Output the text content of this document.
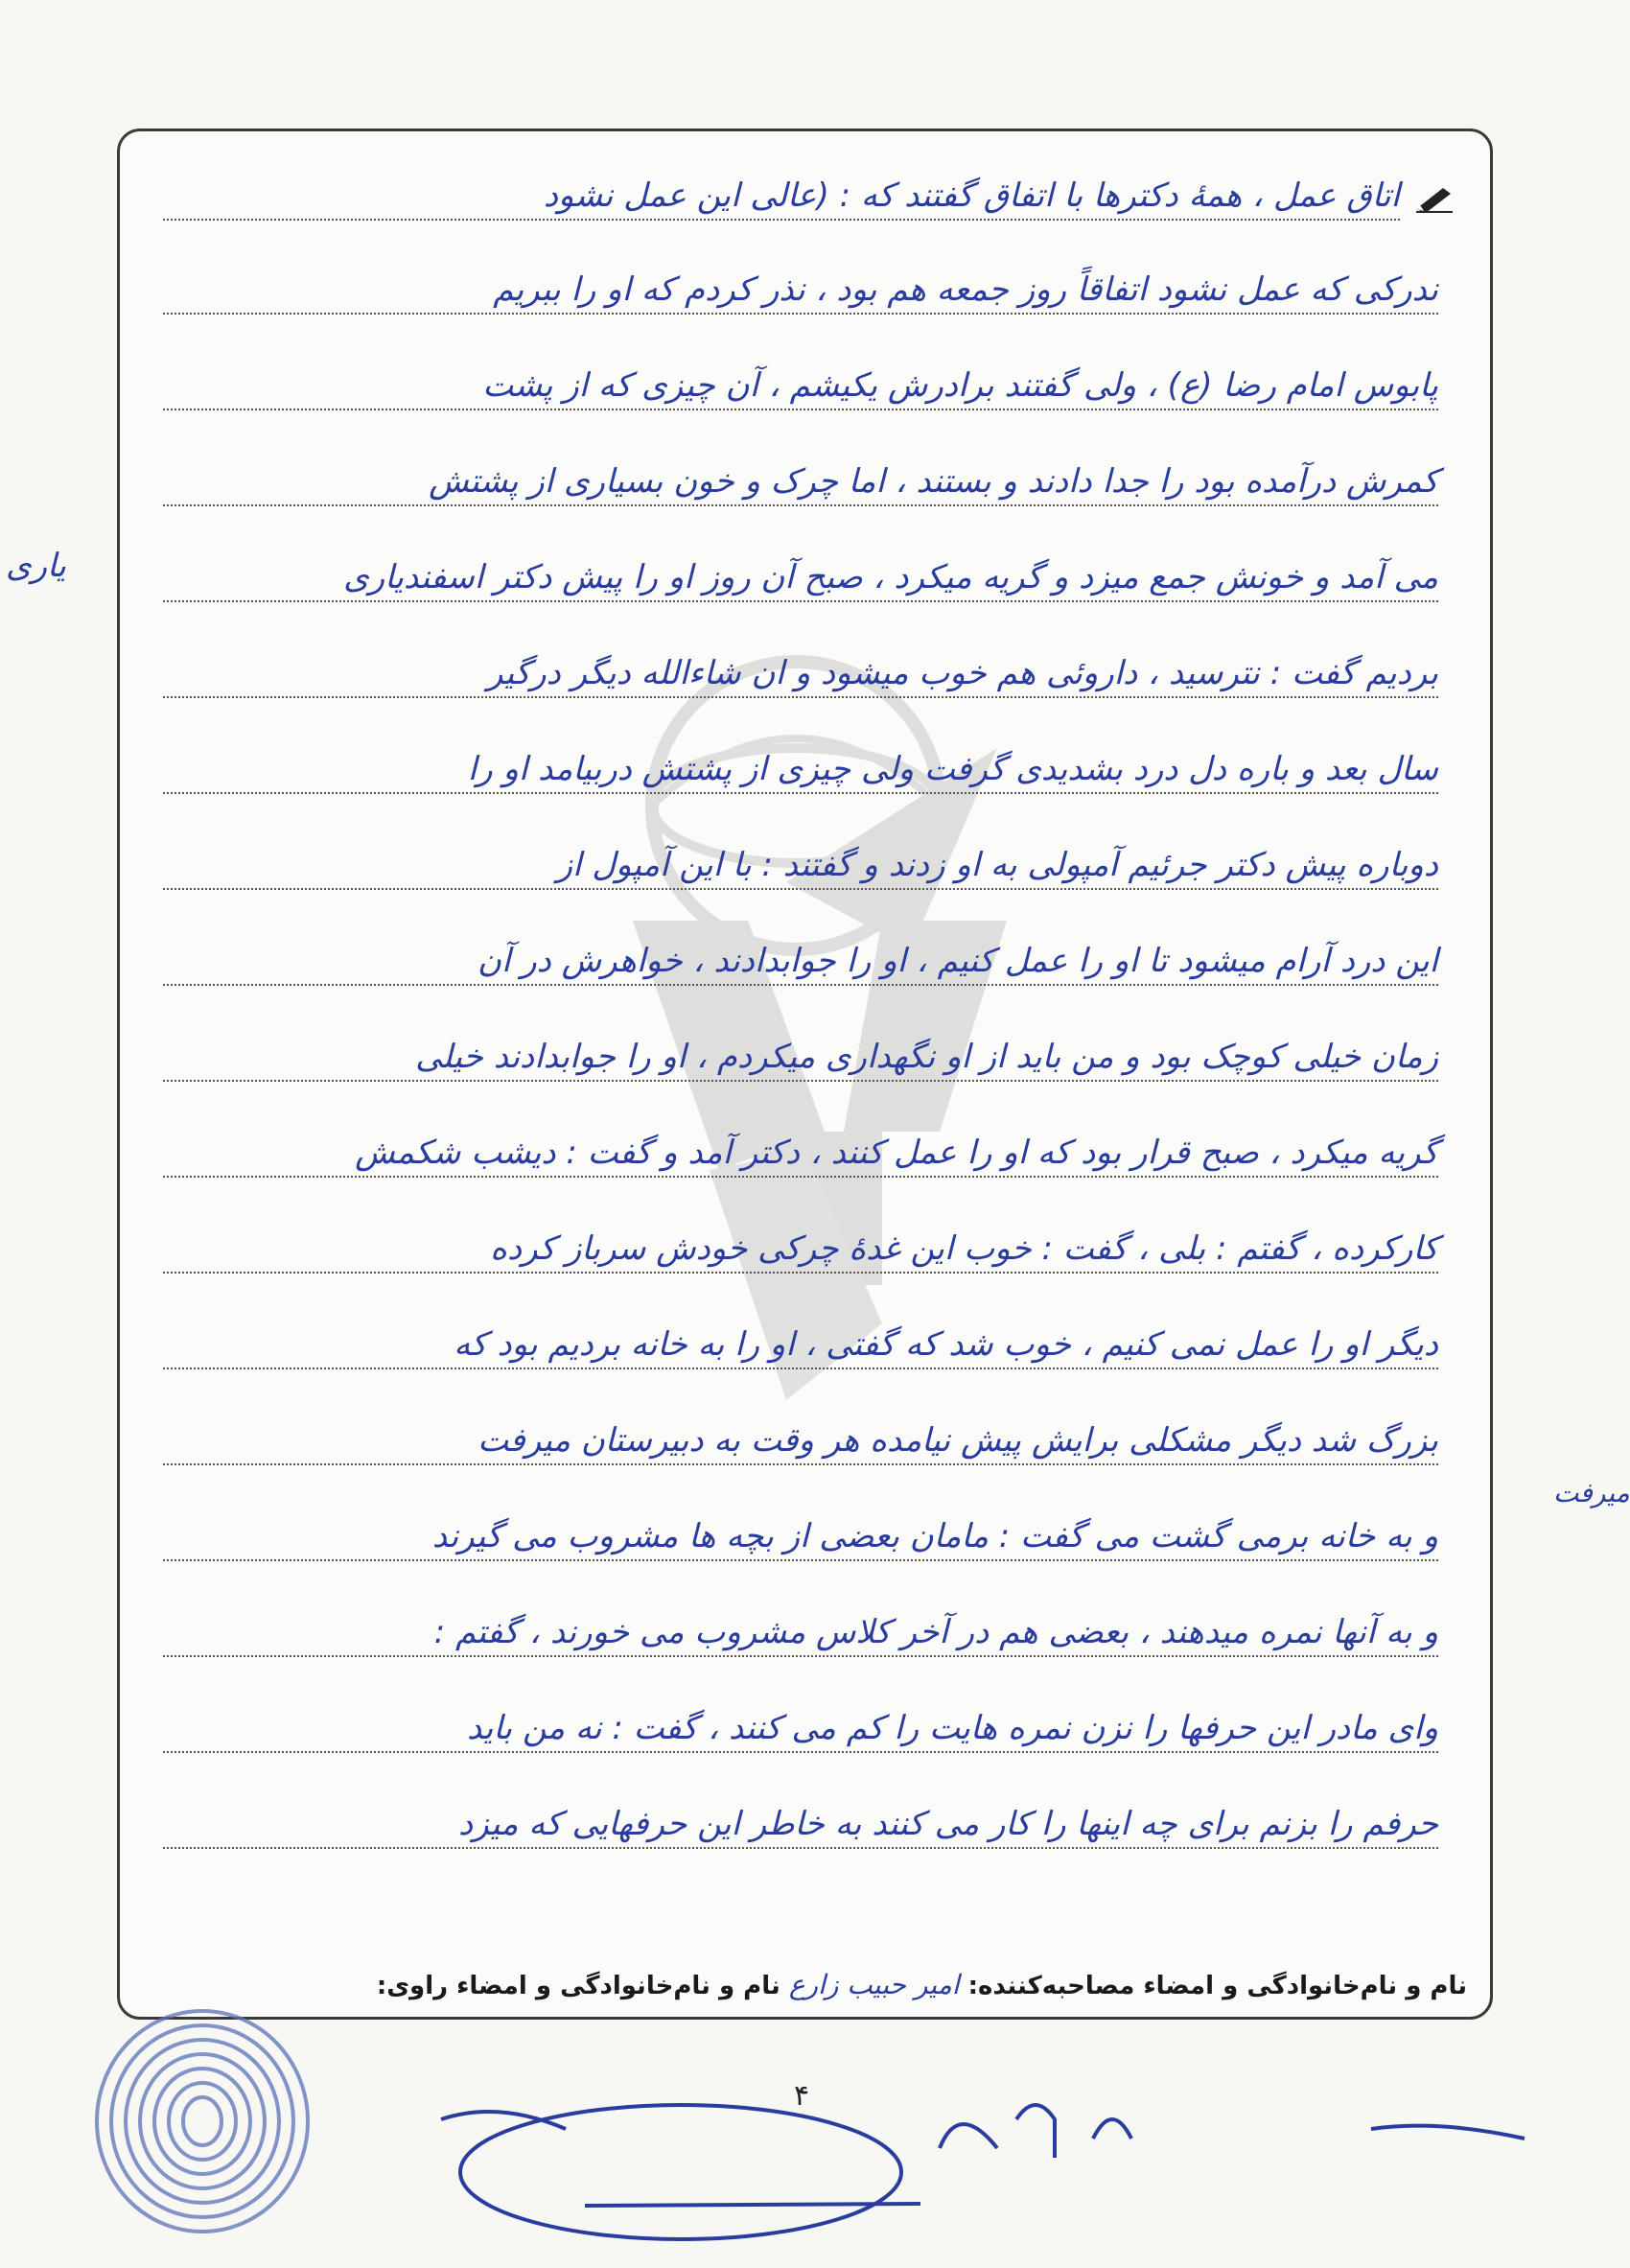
اتاق عمل ، همهٔ دکترها با اتفاق گفتند که : (عالی این عمل نشود
ندرکی که عمل نشود اتفاقاً روز جمعه هم بود ، نذر کردم که او را ببریم
پابوس امام رضا (ع) ، ولی گفتند برادرش یکیشم ، آن چیزی که از پشت
کمرش درآمده بود را جدا دادند و بستند ، اما چرک و خون بسیاری از پشتش
می آمد و خونش جمع میزد و گریه میکرد ، صبح آن روز او را پیش دکتر اسفندیاری
بردیم گفت : نترسید ، داروئی هم خوب میشود و ان شاءالله دیگر درگیر
سال بعد و باره دل درد بشدیدی گرفت ولی چیزی از پشتش دربیامد او را
دوباره پیش دکتر جرئیم آمپولی به او زدند و گفتند : با این آمپول از
این درد آرام میشود تا او را عمل کنیم ، او را جوابدادند ، خواهرش در آن
زمان خیلی کوچک بود و من باید از او نگهداری میکردم ، او را جوابدادند خیلی
گریه میکرد ، صبح قرار بود که او را عمل کنند ، دکتر آمد و گفت : دیشب شکمش
کارکرده ، گفتم : بلی ، گفت : خوب این غدهٔ چرکی خودش سرباز کرده
دیگر او را عمل نمی کنیم ، خوب شد که گفتی ، او را به خانه بردیم بود که
بزرگ شد دیگر مشکلی برایش پیش نیامده هر وقت به دبیرستان میرفت
و به خانه برمی گشت می گفت : مامان بعضی از بچه ها مشروب می گیرند
و به آنها نمره میدهند ، بعضی هم در آخر کلاس مشروب می خورند ، گفتم :
وای مادر این حرفها را نزن نمره هایت را کم می کنند ، گفت : نه من باید
حرفم را بزنم برای چه اینها را کار می کنند به خاطر این حرفهایی که میزد
یاری
میرفت
نام و نام‌خانوادگی و امضاء مصاحبه‌کننده: امیر حبیب زارع نام و نام‌خانوادگی و امضاء راوی:
۴
